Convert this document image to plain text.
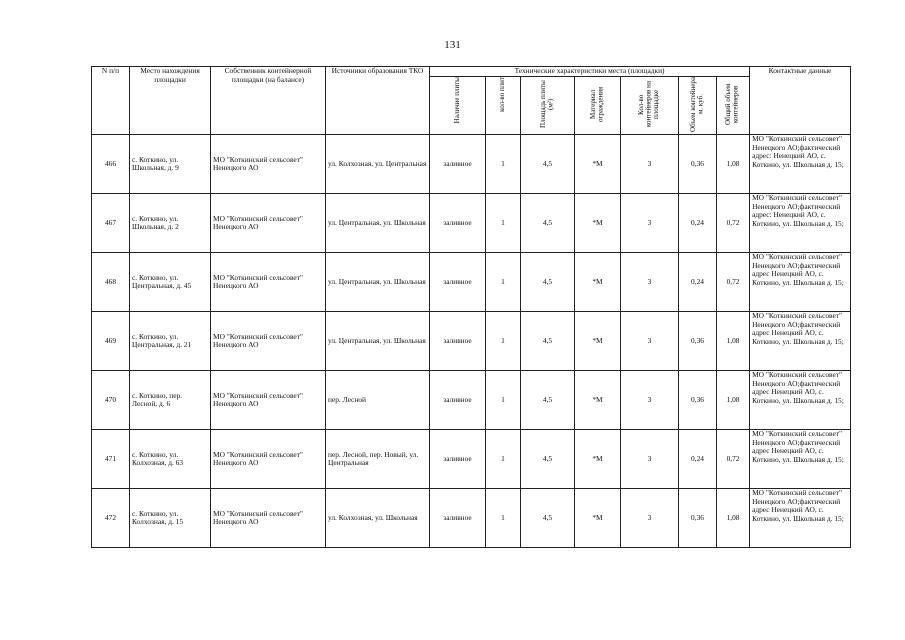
131
N п/п	Место нахождения площадки	Собственник контейнерной площадки (на балансе)	Источники образования ТКО	Технические характеристики места (площадки)							Контактные данные
				Наличие плиты	кол-во плит	Площадь плиты (м²)	Материал ограждения	Кол-во контейнеров на площадке	Объем контейнера м. куб.	Общий объем контейнеров	
466	с. Коткино, ул. Школьная, д. 9	МО "Коткинский сельсовет" Ненецкого АО	ул. Колхозная, ул. Центральная	заливное	1	4,5	*М	3	0,36	1,08	МО "Коткинский сельсовет" Ненецкого АО;фактический адрес: Ненецкий АО, с. Коткино, ул. Школьная д. 15;
467	с. Коткино, ул. Школьная, д. 2	МО "Коткинский сельсовет" Ненецкого АО	ул. Центральная, ул. Школьная	заливное	1	4,5	*М	3	0,24	0,72	МО "Коткинский сельсовет" Ненецкого АО;фактический адрес: Ненецкий АО, с. Коткино, ул. Школьная д. 15;
468	с. Коткино, ул. Центральная, д. 45	МО "Коткинский сельсовет" Ненецкого АО	ул. Центральная, ул. Школьная	заливное	1	4,5	*М	3	0,24	0,72	МО "Коткинский сельсовет" Ненецкого АО;фактический адрес Ненецкий АО, с. Коткино, ул. Школьная д. 15;
469	с. Коткино, ул. Центральная, д. 21	МО "Коткинский сельсовет" Ненецкого АО	ул. Центральная, ул. Школьная	заливное	1	4,5	*М	3	0,36	1,08	МО "Коткинский сельсовет" Ненецкого АО;фактический адрес Ненецкий АО, с. Коткино, ул. Школьная д. 15;
470	с. Коткино, пер. Лесной, д. 6	МО "Коткинский сельсовет" Ненецкого АО	пер. Лесной	заливное	1	4,5	*М	3	0,36	1,08	МО "Коткинский сельсовет" Ненецкого АО;фактический адрес Ненецкий АО, с. Коткино, ул. Школьная д. 15;
471	с. Коткино, ул. Колхозная, д. 63	МО "Коткинский сельсовет" Ненецкого АО	пер. Лесной, пер. Новый, ул. Центральная	заливное	1	4,5	*М	3	0,24	0,72	МО "Коткинский сельсовет" Ненецкого АО;фактический адрес Ненецкий АО, с. Коткино, ул. Школьная д. 15;
472	с. Коткино, ул. Колхозная, д. 15	МО "Коткинский сельсовет" Ненецкого АО	ул. Колхозная, ул. Школьная	заливное	1	4,5	*М	3	0,36	1,08	МО "Коткинский сельсовет" Ненецкого АО;фактический адрес Ненецкий АО, с. Коткино, ул. Школьная д. 15;
